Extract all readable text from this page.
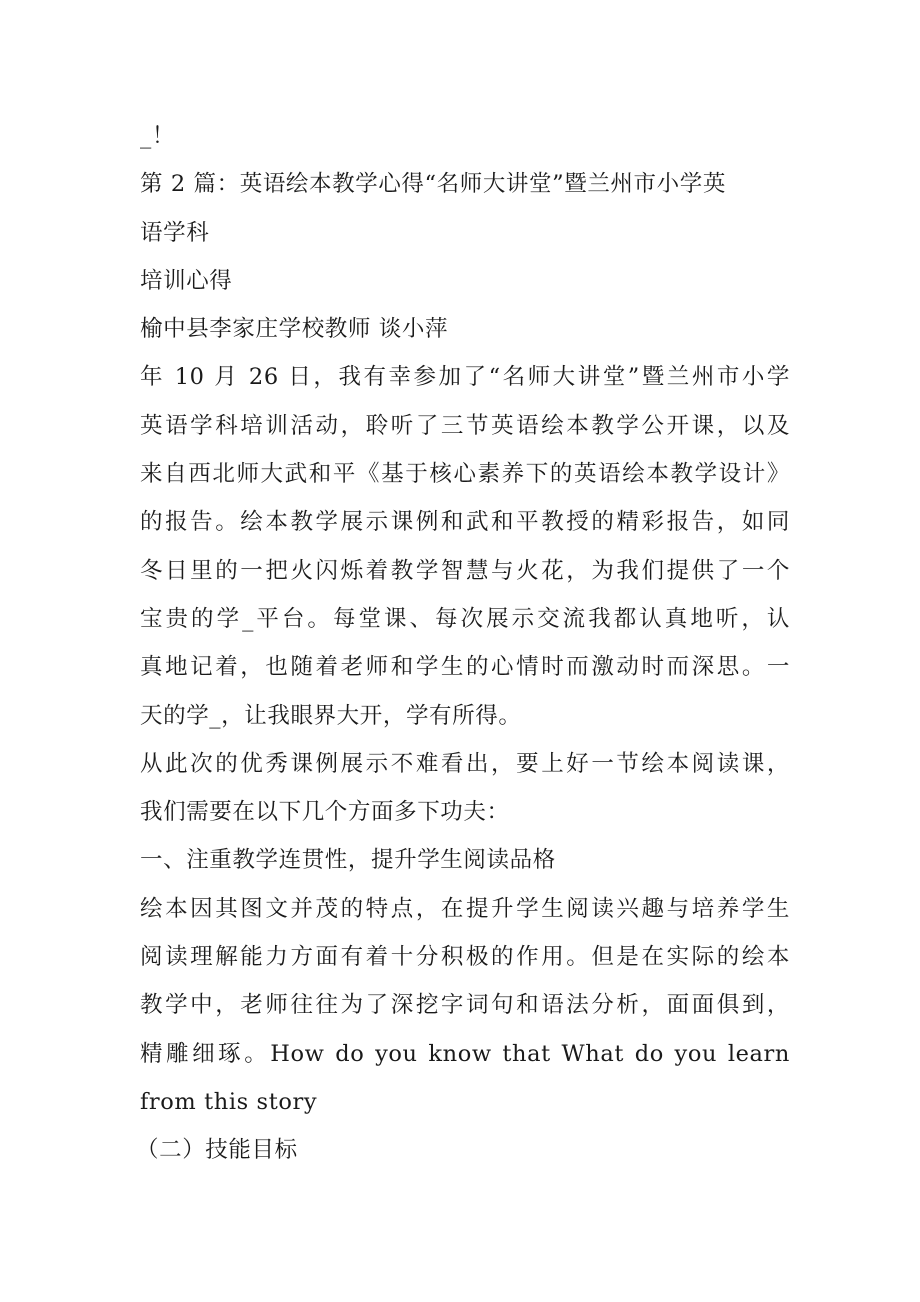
_！
第 2 篇：英语绘本教学心得“名师大讲堂”暨兰州市小学英
语学科
培训心得
榆中县李家庄学校教师 谈小萍
年 10 月 26 日，我有幸参加了“名师大讲堂”暨兰州市小学
英语学科培训活动，聆听了三节英语绘本教学公开课，以及
来自西北师大武和平《基于核心素养下的英语绘本教学设计》
的报告。绘本教学展示课例和武和平教授的精彩报告，如同
冬日里的一把火闪烁着教学智慧与火花，为我们提供了一个
宝贵的学_平台。每堂课、每次展示交流我都认真地听，认
真地记着，也随着老师和学生的心情时而激动时而深思。一
天的学_，让我眼界大开，学有所得。
从此次的优秀课例展示不难看出，要上好一节绘本阅读课，
我们需要在以下几个方面多下功夫：
一、注重教学连贯性，提升学生阅读品格
绘本因其图文并茂的特点，在提升学生阅读兴趣与培养学生
阅读理解能力方面有着十分积极的作用。但是在实际的绘本
教学中，老师往往为了深挖字词句和语法分析，面面俱到，
精雕细琢。How do you know that What do you learn
from this story
（二）技能目标
